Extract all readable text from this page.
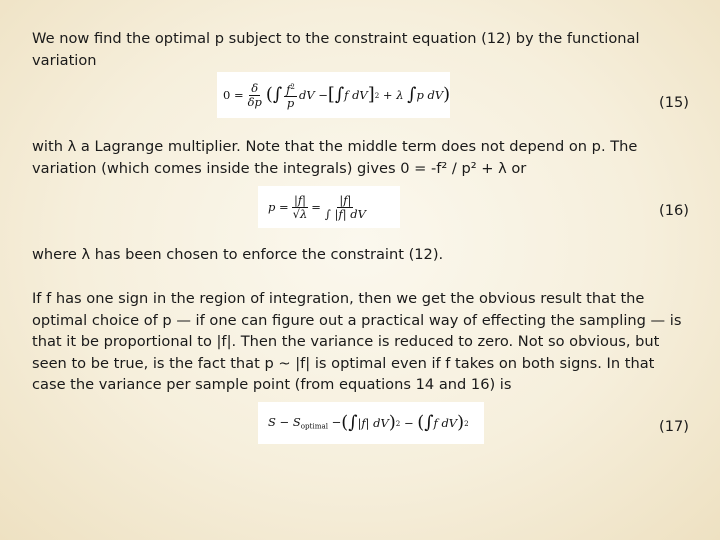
We now find the optimal p subject to the constraint equation (12) by the functional variation

$0 = \frac{\delta}{\delta p}$ ( ∫ $\frac{f^2}{p}$ dV − [ ∫ f dV ] 2 + λ ∫ p dV )	(15)

with λ a Lagrange multiplier. Note that the middle term does not depend on p. The variation (which comes inside the integrals) gives 0 = -f² / p² + λ or

$p = \frac{|f|}{√\lambda} = \frac{|f|}{\int |f| dV}$	(16)

where λ has been chosen to enforce the constraint (12).

If f has one sign in the region of integration, then we get the obvious result that the optimal choice of p — if one can figure out a practical way of effecting the sampling — is that it be proportional to |f|. Then the variance is reduced to zero. Not so obvious, but seen to be true, is the fact that p ~ |f| is optimal even if f takes on both signs. In that case the variance per sample point (from equations 14 and 16) is

$S - S_{optimal}$ − ( ∫ |f| dV ) 2 − ( ∫ f dV ) 2	(17)
